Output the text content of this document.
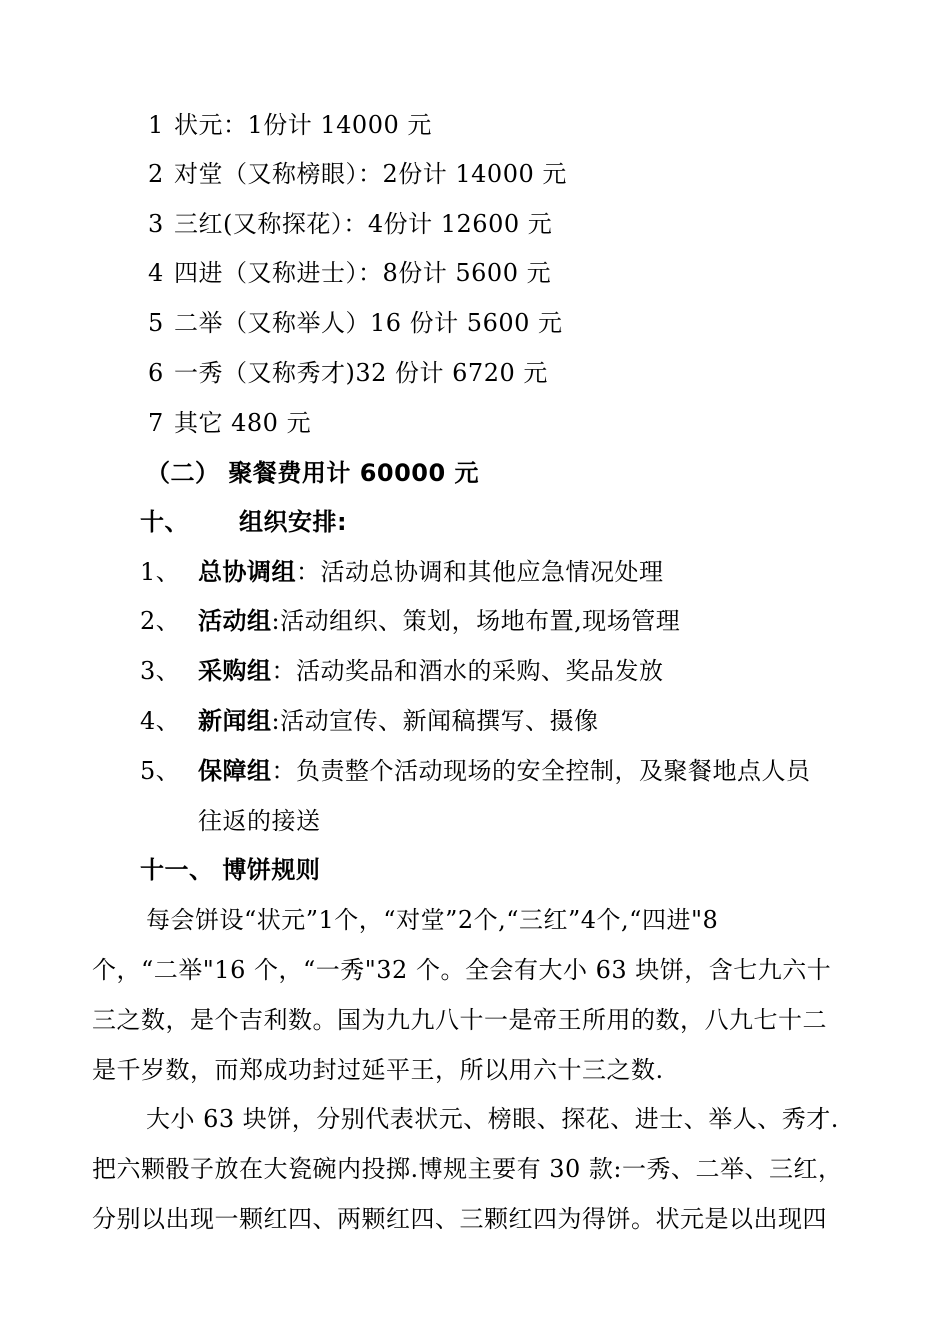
1 状元：1份计 14000 元
2 对堂（又称榜眼）：2份计 14000 元
3 三红(又称探花）：4份计 12600 元
4 四进（又称进士）：8份计 5600 元
5 二举（又称举人）16 份计 5600 元
6 一秀（又称秀才)32 份计 6720 元
7 其它 480 元
（二） 聚餐费用计 60000 元
十、 组织安排:
1、 总协调组：活动总协调和其他应急情况处理
2、 活动组:活动组织、策划，场地布置,现场管理
3、 采购组：活动奖品和酒水的采购、奖品发放
4、 新闻组:活动宣传、新闻稿撰写、摄像
5、 保障组：负责整个活动现场的安全控制，及聚餐地点人员
往返的接送
十一、 博饼规则
每会饼设“状元”1个，“对堂”2个,“三红”4个,“四进"8
个，“二举"16 个，“一秀"32 个。全会有大小 63 块饼，含七九六十
三之数，是个吉利数。国为九九八十一是帝王所用的数，八九七十二
是千岁数，而郑成功封过延平王，所以用六十三之数.
大小 63 块饼，分别代表状元、榜眼、探花、进士、举人、秀才.
把六颗骰子放在大瓷碗内投掷.博规主要有 30 款:一秀、二举、三红，
分别以出现一颗红四、两颗红四、三颗红四为得饼。状元是以出现四
